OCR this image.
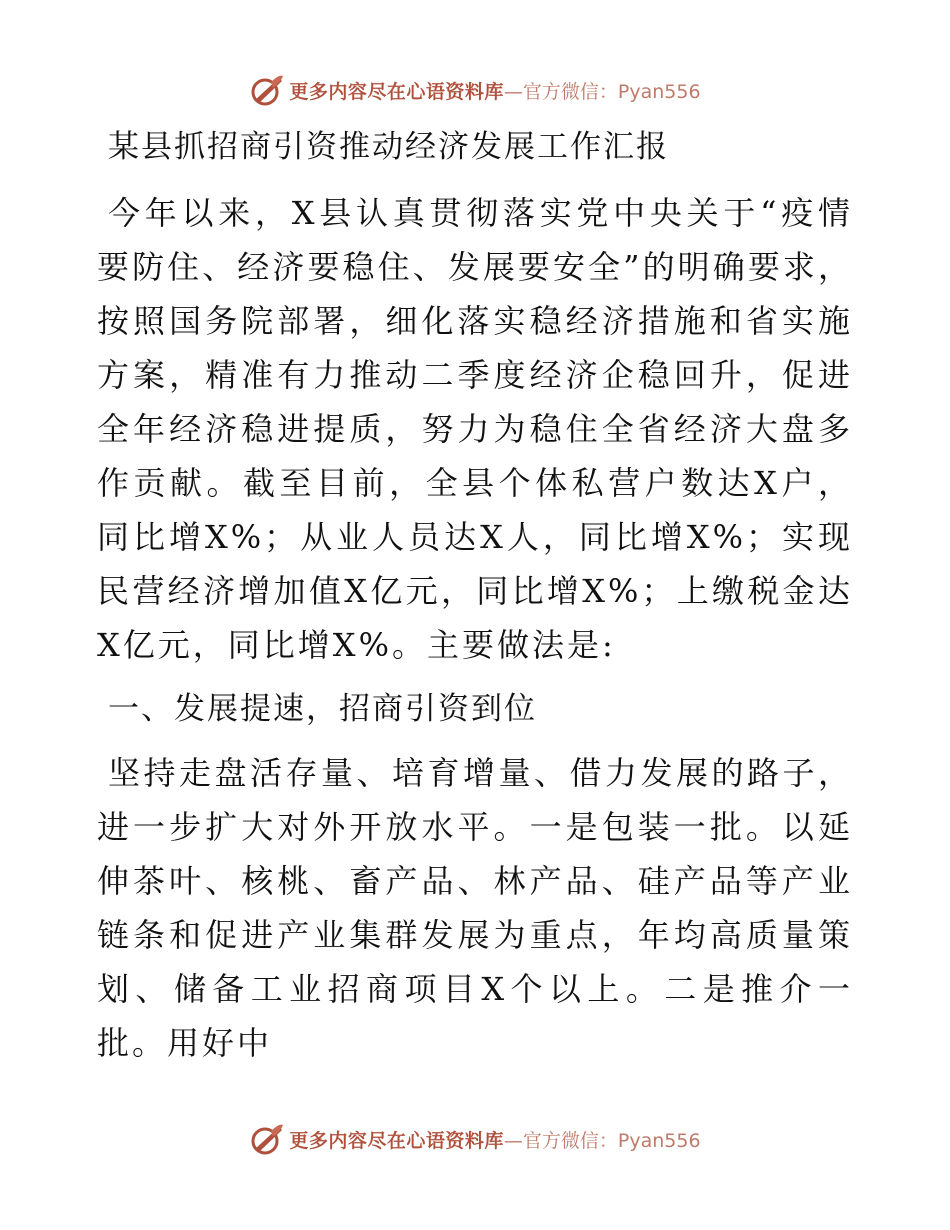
更多内容尽在心语资料库 —官方微信：Pyan556
某县抓招商引资推动经济发展工作汇报

今年以来，X县认真贯彻落实党中央关于“疫情要防住、经济要稳住、发展要安全”的明确要求，按照国务院部署，细化落实稳经济措施和省实施方案，精准有力推动二季度经济企稳回升，促进全年经济稳进提质，努力为稳住全省经济大盘多作贡献。截至目前，全县个体私营户数达X户，同比增X%；从业人员达X人，同比增X%；实现民营经济增加值X亿元，同比增X%；上缴税金达X亿元，同比增X%。主要做法是:

一、发展提速，招商引资到位

坚持走盘活存量、培育增量、借力发展的路子，进一步扩大对外开放水平。一是包装一批。以延伸茶叶、核桃、畜产品、林产品、硅产品等产业链条和促进产业集群发展为重点，年均高质量策划、储备工业招商项目X个以上。二是推介一批。用好中

更多内容尽在心语资料库 —官方微信：Pyan556
